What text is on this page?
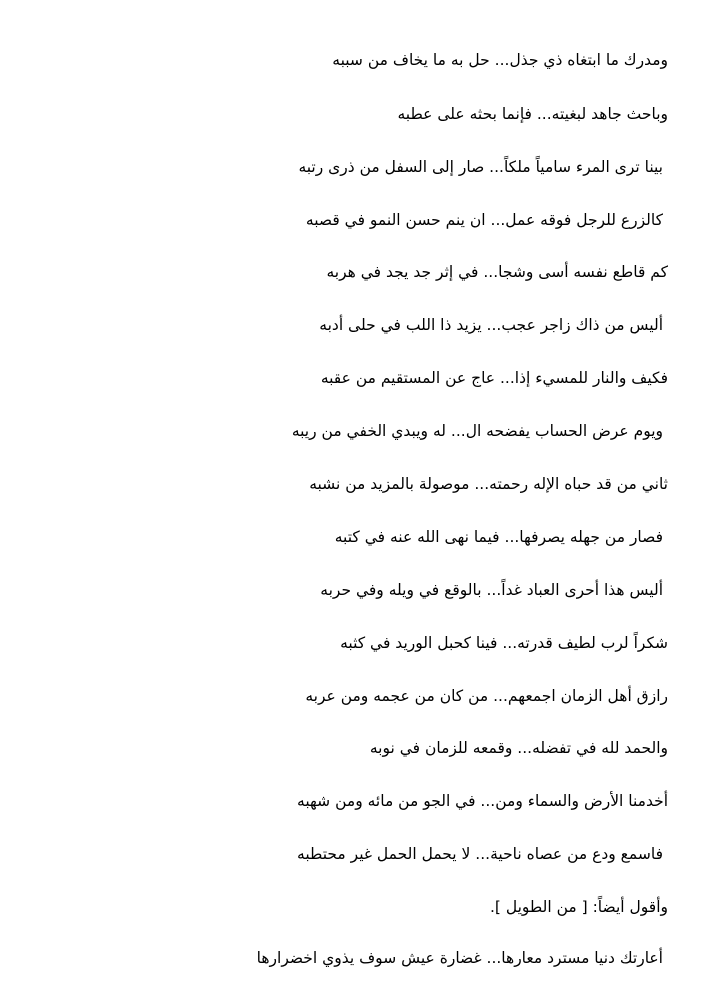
ومدرك ما ابتغاه ذي جذل... حل به ما يخاف من سببه
وباحث جاهد لبغيته... فإنما بحثه على عطبه
بينا ترى المرء سامياً ملكاً... صار إلى السفل من ذرى رتبه
كالزرع للرجل فوقه عمل... ان ينم حسن النمو في قصبه
كم قاطع نفسه أسى وشجا... في إثر جد يجد في هربه
أليس من ذاك زاجر عجب... يزيد ذا اللب في حلى أدبه
فكيف والنار للمسيء إذا... عاج عن المستقيم من عقبه
ويوم عرض الحساب يفضحه ال... له ويبدي الخفي من ريبه
ثاني من قد حباه الإله رحمته... موصولة بالمزيد من نشبه
فصار من جهله يصرفها... فيما نهى الله عنه في كتبه
أليس هذا أحرى العباد غداً... بالوقع في ويله وفي حربه
شكراً لرب لطيف قدرته... فينا كحبل الوريد في كثبه
رازق أهل الزمان اجمعهم... من كان من عجمه ومن عربه
والحمد لله في تفضله... وقمعه للزمان في نوبه
أخدمنا الأرض والسماء ومن... في الجو من مائه ومن شهبه
فاسمع ودع من عصاه ناحية... لا يحمل الحمل غير محتطبه
وأقول أيضاً: [ من الطويل ].
أعارتك دنيا مسترد معارها... غضارة عيش سوف يذوي اخضرارها
